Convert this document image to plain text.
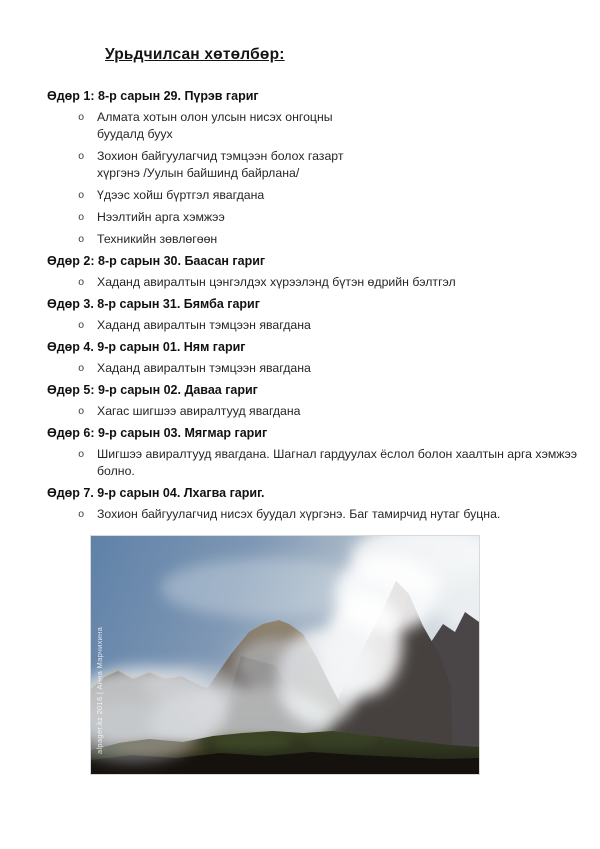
Урьдчилсан хөтөлбөр:
Өдөр 1: 8-р сарын 29. Пүрэв гариг
o Алмата хотын олон улсын нисэх онгоцны
буудалд буух
o Зохион байгуулагчид тэмцээн болох газарт
хүргэнэ /Уулын байшинд байрлана/
o Үдээс хойш бүртгэл явагдана
o Нээлтийн арга хэмжээ
o Техникийн зөвлөгөөн
Өдөр 2: 8-р сарын 30. Баасан гариг
o Хаданд авиралтын цэнгэлдэх хүрээлэнд бүтэн өдрийн бэлтгэл
Өдөр 3. 8-р сарын 31. Бямба гариг
o Хаданд авиралтын тэмцээн явагдана
Өдөр 4. 9-р сарын 01. Ням гариг
o Хаданд авиралтын тэмцээн явагдана
Өдөр 5: 9-р сарын 02. Даваа гариг
o Хагас шигшээ авиралтууд явагдана
Өдөр 6: 9-р сарын 03. Мягмар гариг
o Шигшээ авиралтууд явагдана. Шагнал гардуулах ёслол болон хаалтын арга хэмжээ болно.
Өдөр 7. 9-р сарын 04. Лхагва гариг.
o Зохион байгуулагчид нисэх буудал хүргэнэ. Баг тамирчид нутаг буцна.
alpager.kz 2016 | Анна Марчихина
